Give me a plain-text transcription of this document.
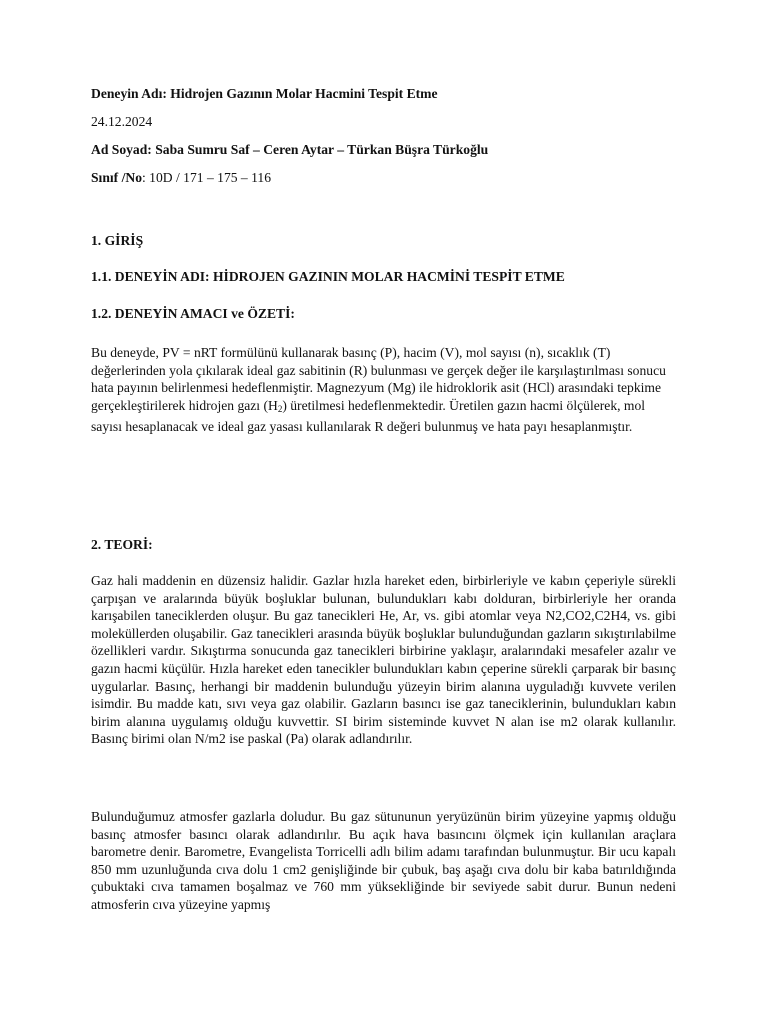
Deneyin Adı: Hidrojen Gazının Molar Hacmini Tespit Etme
24.12.2024
Ad Soyad: Saba Sumru Saf – Ceren Aytar – Türkan Büşra Türkoğlu
Sınıf /No: 10D / 171 – 175 – 116
1. GİRİŞ
1.1. DENEYİN ADI: HİDROJEN GAZININ MOLAR HACMİNİ TESPİT ETME
1.2. DENEYİN AMACI ve ÖZETİ:

Bu deneyde, PV = nRT formülünü kullanarak basınç (P), hacim (V), mol sayısı (n), sıcaklık (T) değerlerinden yola çıkılarak ideal gaz sabitinin (R) bulunması ve gerçek değer ile karşılaştırılması sonucu hata payının belirlenmesi hedeflenmiştir. Magnezyum (Mg) ile hidroklorik asit (HCl) arasındaki tepkime gerçekleştirilerek hidrojen gazı $(H_2)$ üretilmesi hedeflenmektedir. Üretilen gazın hacmi ölçülerek, mol sayısı hesaplanacak ve ideal gaz yasası kullanılarak R değeri bulunmuş ve hata payı hesaplanmıştır.

2. TEORİ:

Gaz hali maddenin en düzensiz halidir. Gazlar hızla hareket eden, birbirleriyle ve kabın çeperiyle sürekli çarpışan ve aralarında büyük boşluklar bulunan, bulundukları kabı dolduran, birbirleriyle her oranda karışabilen taneciklerden oluşur. Bu gaz tanecikleri He, Ar, vs. gibi atomlar veya N2,CO2,C2H4, vs. gibi moleküllerden oluşabilir. Gaz tanecikleri arasında büyük boşluklar bulunduğundan gazların sıkıştırılabilme özellikleri vardır. Sıkıştırma sonucunda gaz tanecikleri birbirine yaklaşır, aralarındaki mesafeler azalır ve gazın hacmi küçülür. Hızla hareket eden tanecikler bulundukları kabın çeperine sürekli çarparak bir basınç uygularlar. Basınç, herhangi bir maddenin bulunduğu yüzeyin birim alanına uyguladığı kuvvete verilen isimdir. Bu madde katı, sıvı veya gaz olabilir. Gazların basıncı ise gaz taneciklerinin, bulundukları kabın birim alanına uygulamış olduğu kuvvettir. SI birim sisteminde kuvvet N alan ise m2 olarak kullanılır. Basınç birimi olan N/m2 ise paskal (Pa) olarak adlandırılır.

Bulunduğumuz atmosfer gazlarla doludur. Bu gaz sütununun yeryüzünün birim yüzeyine yapmış olduğu basınç atmosfer basıncı olarak adlandırılır. Bu açık hava basıncını ölçmek için kullanılan araçlara barometre denir. Barometre, Evangelista Torricelli adlı bilim adamı tarafından bulunmuştur. Bir ucu kapalı 850 mm uzunluğunda cıva dolu 1 cm2 genişliğinde bir çubuk, baş aşağı cıva dolu bir kaba batırıldığında çubuktaki cıva tamamen boşalmaz ve 760 mm yüksekliğinde bir seviyede sabit durur. Bunun nedeni atmosferin cıva yüzeyine yapmış
